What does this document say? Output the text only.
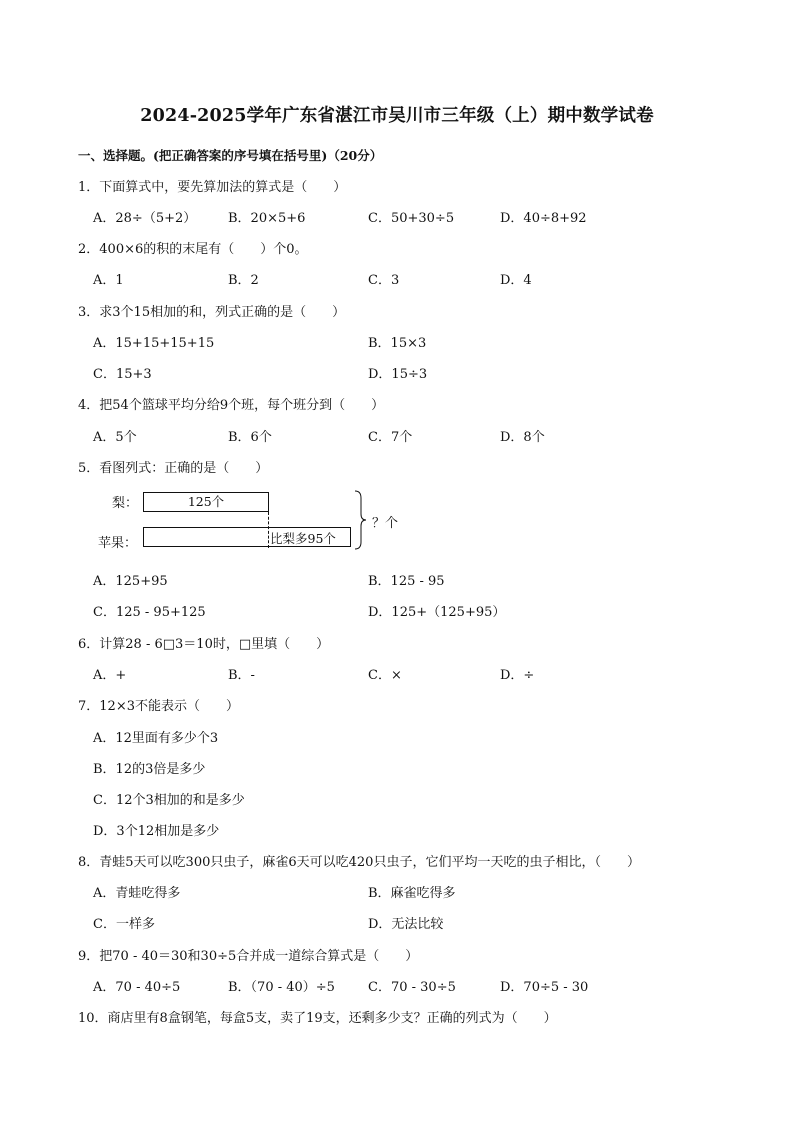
2024-2025学年广东省湛江市吴川市三年级（上）期中数学试卷
一、选择题。(把正确答案的序号填在括号里)（20分）
1．下面算式中，要先算加法的算式是（　　）
A．28÷（5+2） B．20×5+6	C．50+30÷5	D．40÷8+92
2．400×6的积的末尾有（　　）个0。
A．1	B．2	C．3	D．4
3．求3个15相加的和，列式正确的是（　　）
A．15+15+15+15	B．15×3
C．15+3	D．15÷3
4．把54个篮球平均分给9个班，每个班分到（　　）
A．5个	B．6个	C．7个	D．8个
5．看图列式：正确的是（　　）
梨：	125个
苹果：	比梨多95个
？个
A．125+95	B．125 - 95
C．125 - 95+125	D．125+（125+95）
6．计算28 - 6□3＝10时，□里填（　　）
A．+	B．-	C．×	D．÷
7．12×3不能表示（　　）
A．12里面有多少个3
B．12的3倍是多少
C．12个3相加的和是多少
D．3个12相加是多少
8．青蛙5天可以吃300只虫子，麻雀6天可以吃420只虫子，它们平均一天吃的虫子相比，（　　）
A．青蛙吃得多	B．麻雀吃得多
C．一样多	D．无法比较
9．把70 - 40＝30和30÷5合并成一道综合算式是（　　）
A．70 - 40÷5	B．（70 - 40）÷5	C．70 - 30÷5	D．70÷5 - 30
10．商店里有8盒钢笔，每盒5支，卖了19支，还剩多少支？正确的列式为（　　）
